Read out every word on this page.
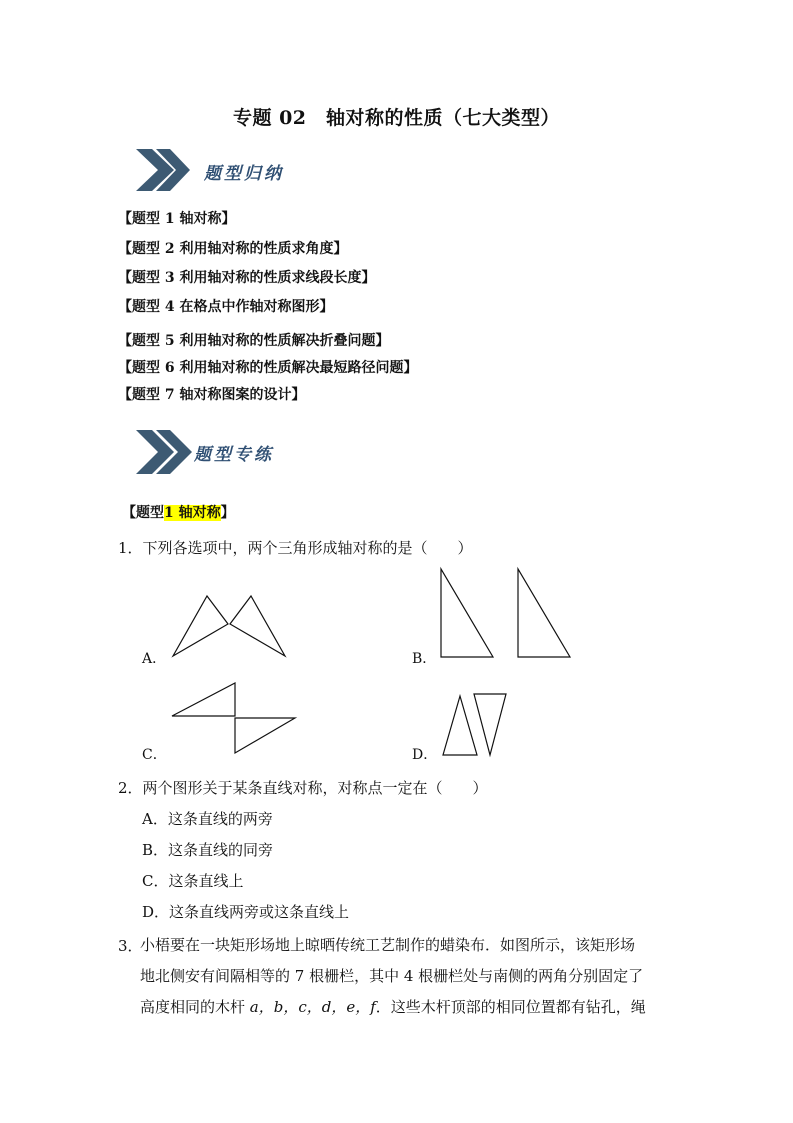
专题 02　轴对称的性质（七大类型）
题型归纳
【题型 1 轴对称】
【题型 2 利用轴对称的性质求角度】
【题型 3 利用轴对称的性质求线段长度】
【题型 4 在格点中作轴对称图形】
【题型 5 利用轴对称的性质解决折叠问题】
【题型 6 利用轴对称的性质解决最短路径问题】
【题型 7 轴对称图案的设计】
题型专练
【题型1 轴对称】
1．下列各选项中，两个三角形成轴对称的是（　　）
A．	B．
C．	D．
2．两个图形关于某条直线对称，对称点一定在（　　）
A．这条直线的两旁
B．这条直线的同旁
C．这条直线上
D．这条直线两旁或这条直线上
3．
小梧要在一块矩形场地上晾晒传统工艺制作的蜡染布．如图所示，该矩形场
地北侧安有间隔相等的 7 根栅栏，其中 4 根栅栏处与南侧的两角分别固定了
高度相同的木杆 a，b，c，d，e，f．这些木杆顶部的相同位置都有钻孔，绳
